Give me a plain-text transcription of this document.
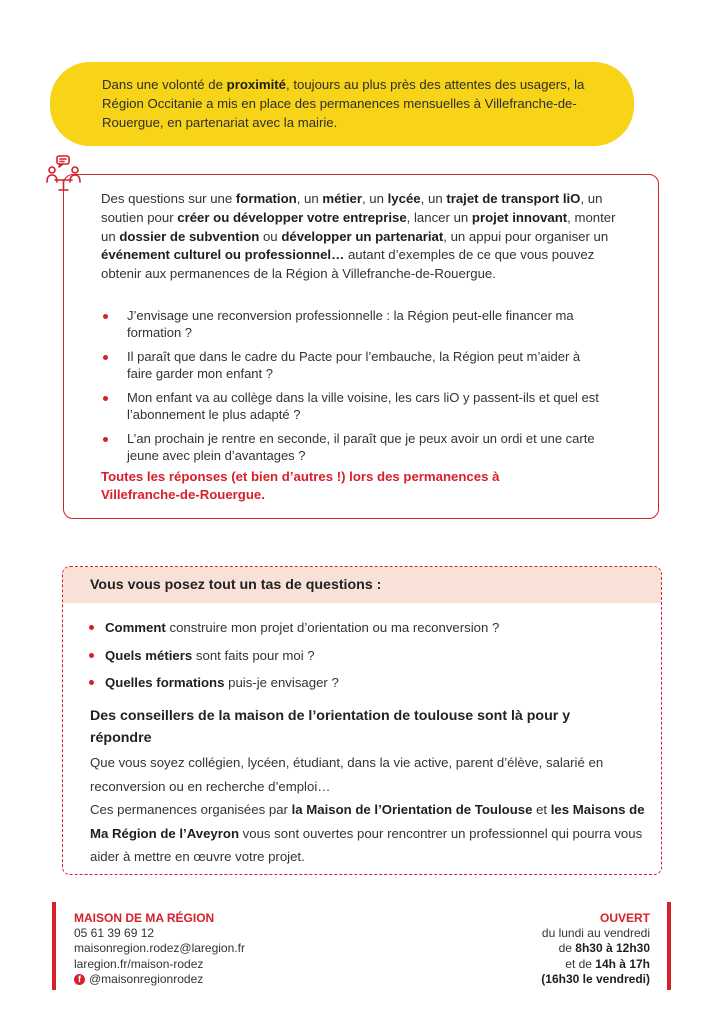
Dans une volonté de proximité, toujours au plus près des attentes des usagers, la Région Occitanie a mis en place des permanences mensuelles à Villefranche-de-Rouergue, en partenariat avec la mairie.

Des questions sur une formation, un métier, un lycée, un trajet de transport liO, un soutien pour créer ou développer votre entreprise, lancer un projet innovant, monter un dossier de subvention ou développer un partenariat, un appui pour organiser un événement culturel ou professionnel… autant d’exemples de ce que vous pouvez obtenir aux permanences de la Région à Villefranche-de-Rouergue.

J’envisage une reconversion professionnelle : la Région peut-elle financer ma formation ?
Il paraît que dans le cadre du Pacte pour l’embauche, la Région peut m’aider à faire garder mon enfant ?
Mon enfant va au collège dans la ville voisine, les cars liO y passent-ils et quel est l’abonnement le plus adapté ?
L’an prochain je rentre en seconde, il paraît que je peux avoir un ordi et une carte jeune avec plein d’avantages ?

Toutes les réponses (et bien d’autres !) lors des permanences à Villefranche-de-Rouergue.

Vous vous posez tout un tas de questions :
Comment construire mon projet d’orientation ou ma reconversion ?
Quels métiers sont faits pour moi ?
Quelles formations puis-je envisager ?
Des conseillers de la maison de l’orientation de toulouse sont là pour y répondre

Que vous soyez collégien, lycéen, étudiant, dans la vie active, parent d’élève, salarié en reconversion ou en recherche d’emploi…
Ces permanences organisées par la Maison de l’Orientation de Toulouse et les Maisons de Ma Région de l’Aveyron vous sont ouvertes pour rencontrer un professionnel qui pourra vous aider à mettre en œuvre votre projet.

MAISON DE MA RÉGION
05 61 39 69 12
maisonregion.rodez@laregion.fr
laregion.fr/maison-rodez
f @maisonregionrodez
OUVERT
du lundi au vendredi
de 8h30 à 12h30
et de 14h à 17h
(16h30 le vendredi)
